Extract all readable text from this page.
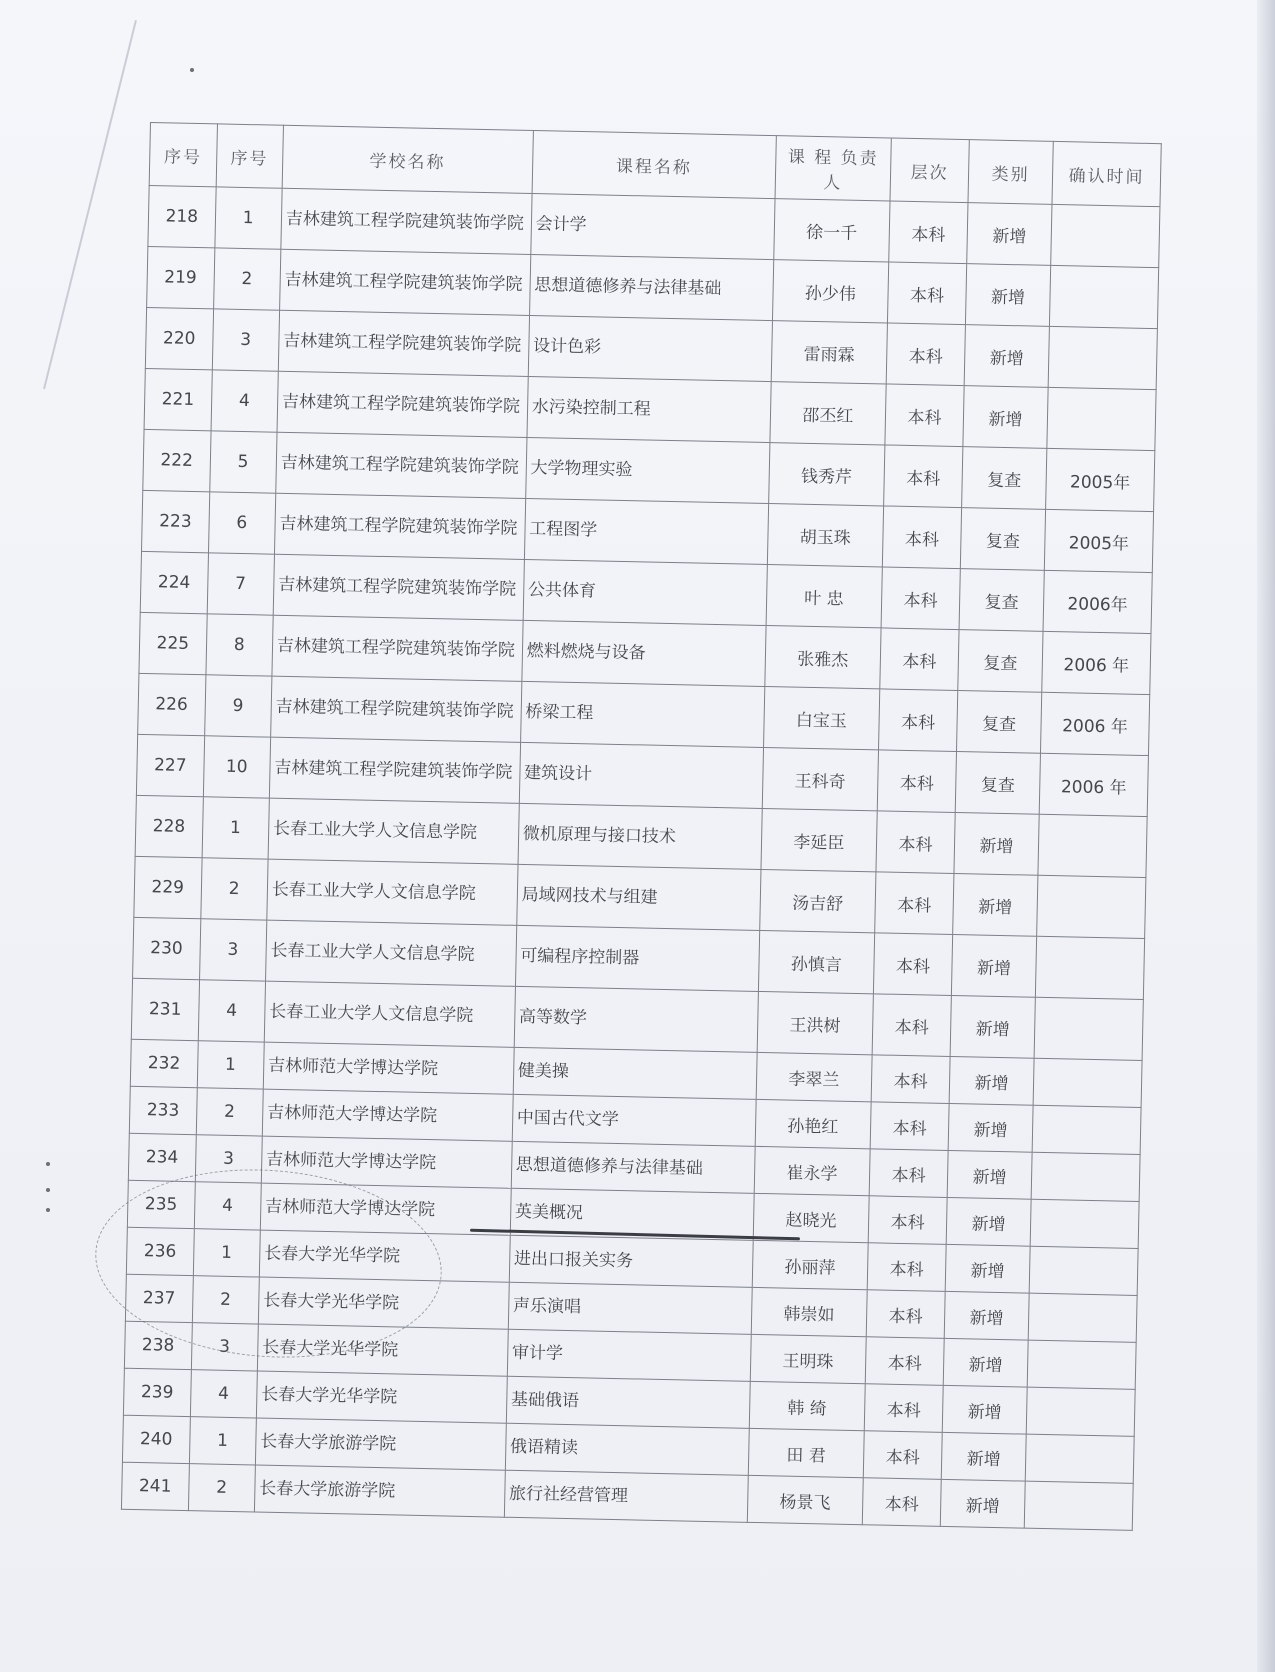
序号	序号	学校名称	课程名称	课 程 负责人	层次	类别	确认时间
218	1	吉林建筑工程学院建筑装饰学院	会计学	徐一千	本科	新增	
219	2	吉林建筑工程学院建筑装饰学院	思想道德修养与法律基础	孙少伟	本科	新增	
220	3	吉林建筑工程学院建筑装饰学院	设计色彩	雷雨霖	本科	新增	
221	4	吉林建筑工程学院建筑装饰学院	水污染控制工程	邵丕红	本科	新增	
222	5	吉林建筑工程学院建筑装饰学院	大学物理实验	钱秀芹	本科	复查	2005年
223	6	吉林建筑工程学院建筑装饰学院	工程图学	胡玉珠	本科	复查	2005年
224	7	吉林建筑工程学院建筑装饰学院	公共体育	叶 忠	本科	复查	2006年
225	8	吉林建筑工程学院建筑装饰学院	燃料燃烧与设备	张雅杰	本科	复查	2006 年
226	9	吉林建筑工程学院建筑装饰学院	桥梁工程	白宝玉	本科	复查	2006 年
227	10	吉林建筑工程学院建筑装饰学院	建筑设计	王科奇	本科	复查	2006 年
228	1	长春工业大学人文信息学院	微机原理与接口技术	李延臣	本科	新增	
229	2	长春工业大学人文信息学院	局域网技术与组建	汤吉舒	本科	新增	
230	3	长春工业大学人文信息学院	可编程序控制器	孙慎言	本科	新增	
231	4	长春工业大学人文信息学院	高等数学	王洪树	本科	新增	
232	1	吉林师范大学博达学院	健美操	李翠兰	本科	新增	
233	2	吉林师范大学博达学院	中国古代文学	孙艳红	本科	新增	
234	3	吉林师范大学博达学院	思想道德修养与法律基础	崔永学	本科	新增	
235	4	吉林师范大学博达学院	英美概况	赵晓光	本科	新增	
236	1	长春大学光华学院	进出口报关实务	孙丽萍	本科	新增	
237	2	长春大学光华学院	声乐演唱	韩崇如	本科	新增	
238	3	长春大学光华学院	审计学	王明珠	本科	新增	
239	4	长春大学光华学院	基础俄语	韩 绮	本科	新增	
240	1	长春大学旅游学院	俄语精读	田 君	本科	新增	
241	2	长春大学旅游学院	旅行社经营管理	杨景飞	本科	新增	
